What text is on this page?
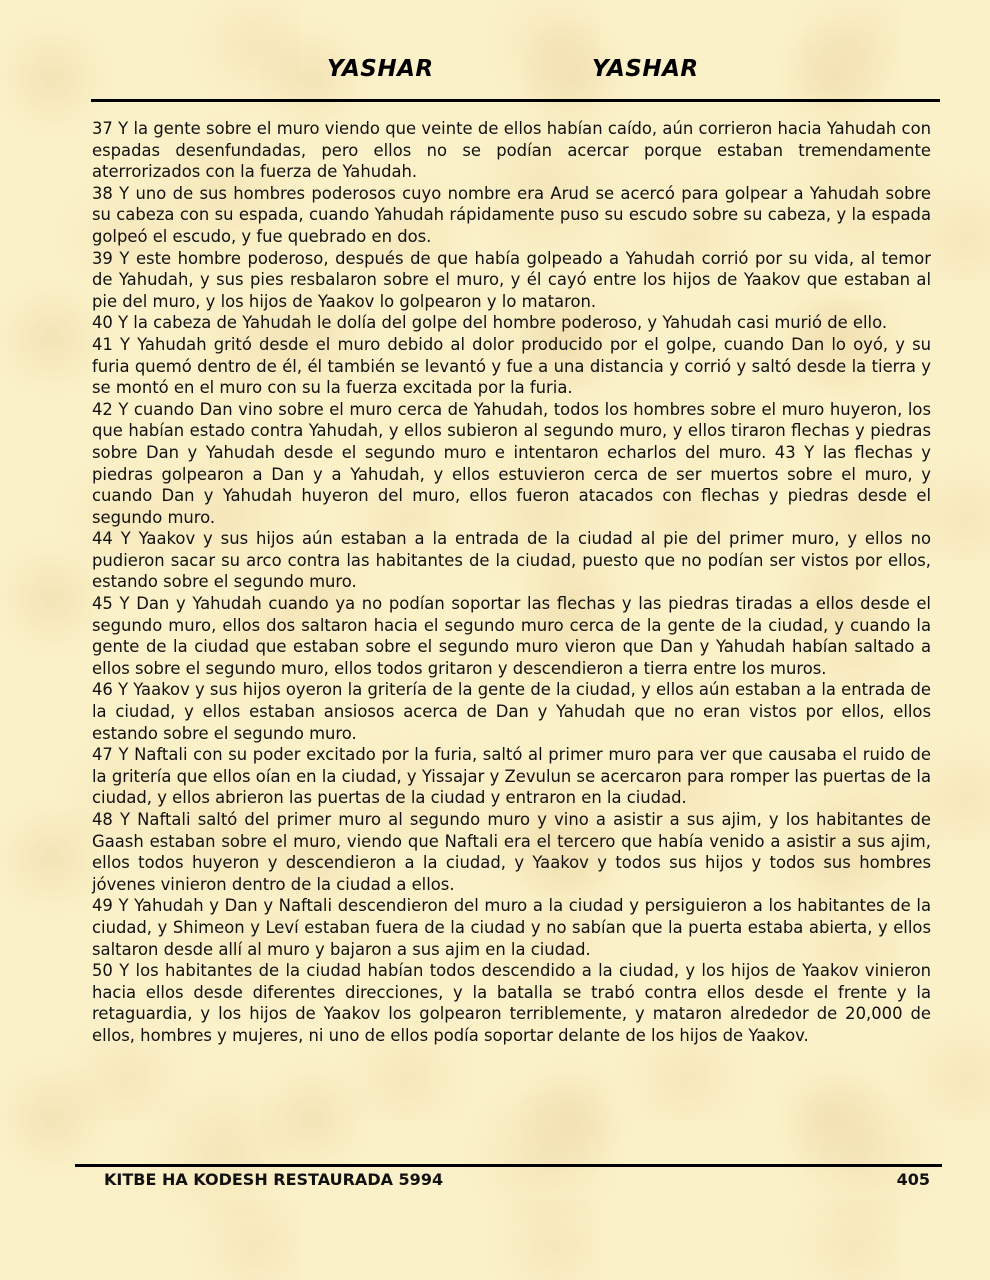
YASHAR	YASHAR

37 Y la gente sobre el muro viendo que veinte de ellos habían caído, aún corrieron hacia Yahudah con espadas desenfundadas, pero ellos no se podían acercar porque estaban tremendamente aterrorizados con la fuerza de Yahudah.

38 Y uno de sus hombres poderosos cuyo nombre era Arud se acercó para golpear a Yahudah sobre su cabeza con su espada, cuando Yahudah rápidamente puso su escudo sobre su cabeza, y la espada golpeó el escudo, y fue quebrado en dos.

39 Y este hombre poderoso, después de que había golpeado a Yahudah corrió por su vida, al temor de Yahudah, y sus pies resbalaron sobre el muro, y él cayó entre los hijos de Yaakov que estaban al pie del muro, y los hijos de Yaakov lo golpearon y lo mataron.

40 Y la cabeza de Yahudah le dolía del golpe del hombre poderoso, y Yahudah casi murió de ello.

41 Y Yahudah gritó desde el muro debido al dolor producido por el golpe, cuando Dan lo oyó, y su furia quemó dentro de él, él también se levantó y fue a una distancia y corrió y saltó desde la tierra y se montó en el muro con su la fuerza excitada por la furia.

42 Y cuando Dan vino sobre el muro cerca de Yahudah, todos los hombres sobre el muro huyeron, los que habían estado contra Yahudah, y ellos subieron al segundo muro, y ellos tiraron flechas y piedras sobre Dan y Yahudah desde el segundo muro e intentaron echarlos del muro. 43 Y las flechas y piedras golpearon a Dan y a Yahudah, y ellos estuvieron cerca de ser muertos sobre el muro, y cuando Dan y Yahudah huyeron del muro, ellos fueron atacados con flechas y piedras desde el segundo muro.

44 Y Yaakov y sus hijos aún estaban a la entrada de la ciudad al pie del primer muro, y ellos no pudieron sacar su arco contra las habitantes de la ciudad, puesto que no podían ser vistos por ellos, estando sobre el segundo muro.

45 Y Dan y Yahudah cuando ya no podían soportar las flechas y las piedras tiradas a ellos desde el segundo muro, ellos dos saltaron hacia el segundo muro cerca de la gente de la ciudad, y cuando la gente de la ciudad que estaban sobre el segundo muro vieron que Dan y Yahudah habían saltado a ellos sobre el segundo muro, ellos todos gritaron y descendieron a tierra entre los muros.

46 Y Yaakov y sus hijos oyeron la gritería de la gente de la ciudad, y ellos aún estaban a la entrada de la ciudad, y ellos estaban ansiosos acerca de Dan y Yahudah que no eran vistos por ellos, ellos estando sobre el segundo muro.

47 Y Naftali con su poder excitado por la furia, saltó al primer muro para ver que causaba el ruido de la gritería que ellos oían en la ciudad, y Yissajar y Zevulun se acercaron para romper las puertas de la ciudad, y ellos abrieron las puertas de la ciudad y entraron en la ciudad.

48 Y Naftali saltó del primer muro al segundo muro y vino a asistir a sus ajim, y los habitantes de Gaash estaban sobre el muro, viendo que Naftali era el tercero que había venido a asistir a sus ajim, ellos todos huyeron y descendieron a la ciudad, y Yaakov y todos sus hijos y todos sus hombres jóvenes vinieron dentro de la ciudad a ellos.

49 Y Yahudah y Dan y Naftali descendieron del muro a la ciudad y persiguieron a los habitantes de la ciudad, y Shimeon y Leví estaban fuera de la ciudad y no sabían que la puerta estaba abierta, y ellos saltaron desde allí al muro y bajaron a sus ajim en la ciudad.

50 Y los habitantes de la ciudad habían todos descendido a la ciudad, y los hijos de Yaakov vinieron hacia ellos desde diferentes direcciones, y la batalla se trabó contra ellos desde el frente y la retaguardia, y los hijos de Yaakov los golpearon terriblemente, y mataron alrededor de 20,000 de ellos, hombres y mujeres, ni uno de ellos podía soportar delante de los hijos de Yaakov.

KITBE HA KODESH RESTAURADA 5994	405
